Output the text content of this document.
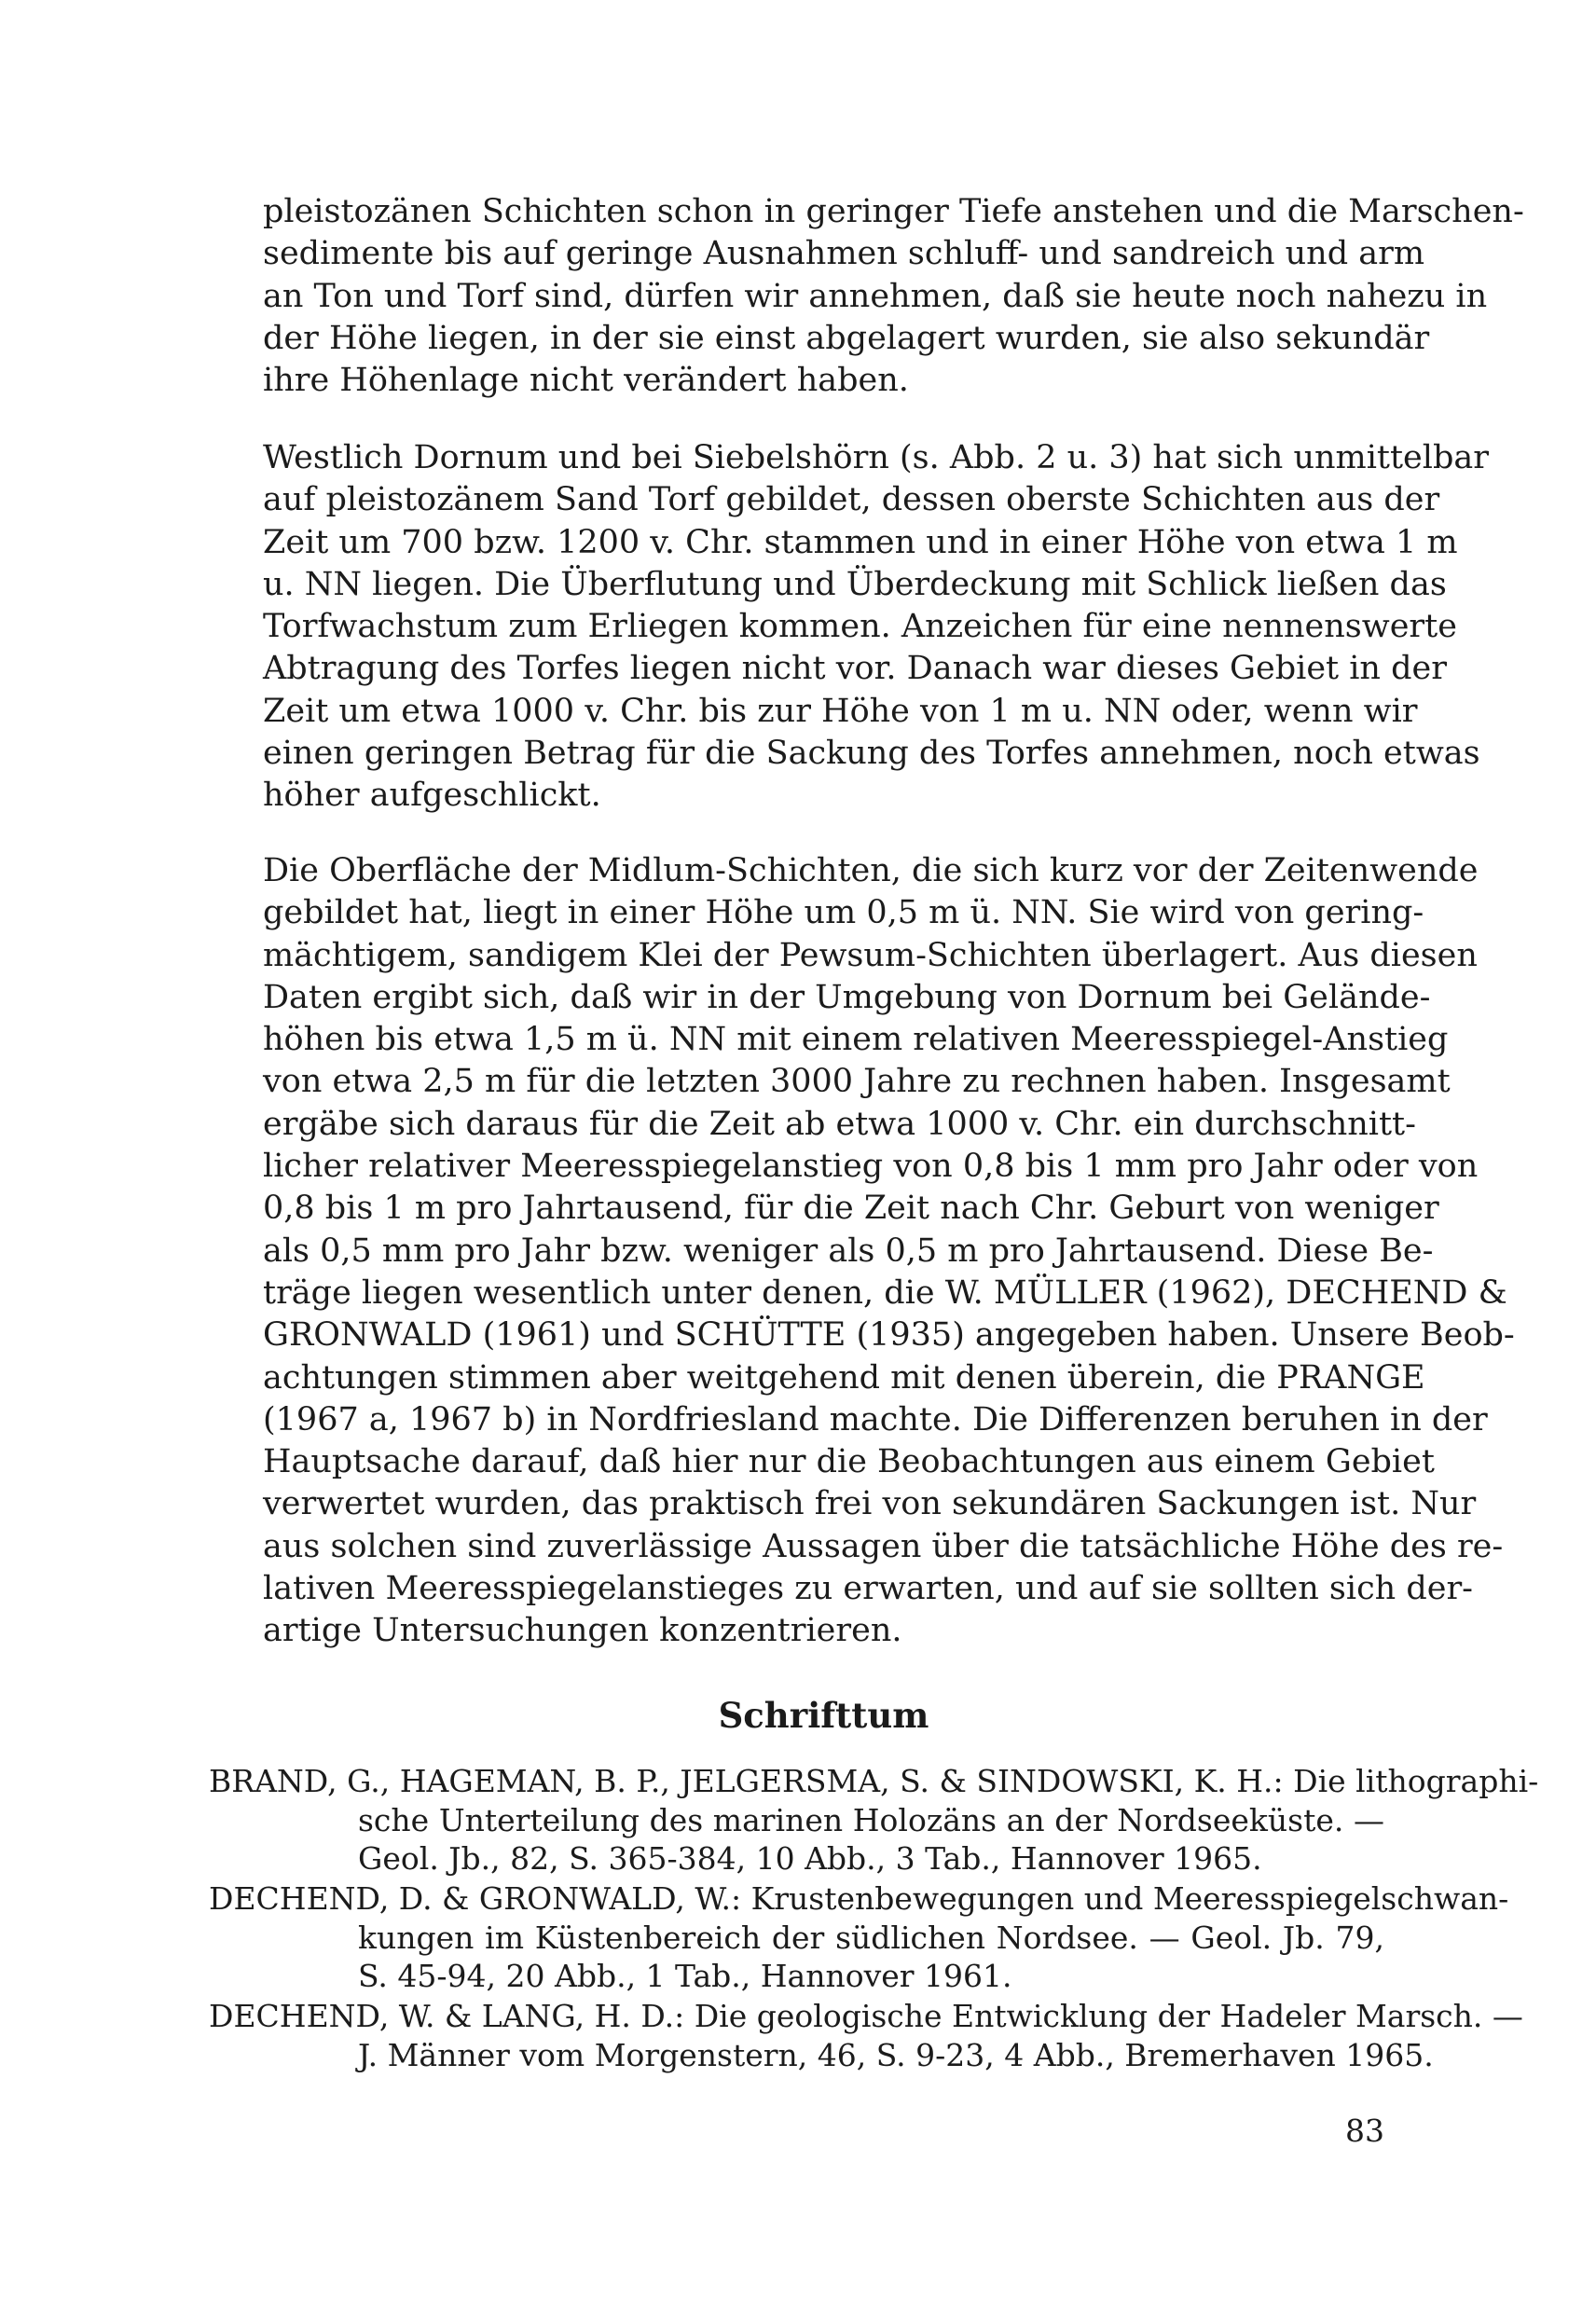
pleistozänen Schichten schon in geringer Tiefe anstehen und die Marschen-
sedimente bis auf geringe Ausnahmen schluff- und sandreich und arm
an Ton und Torf sind, dürfen wir annehmen, daß sie heute noch nahezu in
der Höhe liegen, in der sie einst abgelagert wurden, sie also sekundär
ihre Höhenlage nicht verändert haben.

Westlich Dornum und bei Siebelshörn (s. Abb. 2 u. 3) hat sich unmittelbar
auf pleistozänem Sand Torf gebildet, dessen oberste Schichten aus der
Zeit um 700 bzw. 1200 v. Chr. stammen und in einer Höhe von etwa 1 m
u. NN liegen. Die Überflutung und Überdeckung mit Schlick ließen das
Torfwachstum zum Erliegen kommen. Anzeichen für eine nennenswerte
Abtragung des Torfes liegen nicht vor. Danach war dieses Gebiet in der
Zeit um etwa 1000 v. Chr. bis zur Höhe von 1 m u. NN oder, wenn wir
einen geringen Betrag für die Sackung des Torfes annehmen, noch etwas
höher aufgeschlickt.

Die Oberfläche der Midlum-Schichten, die sich kurz vor der Zeitenwende
gebildet hat, liegt in einer Höhe um 0,5 m ü. NN. Sie wird von gering-
mächtigem, sandigem Klei der Pewsum-Schichten überlagert. Aus diesen
Daten ergibt sich, daß wir in der Umgebung von Dornum bei Gelände-
höhen bis etwa 1,5 m ü. NN mit einem relativen Meeresspiegel-Anstieg
von etwa 2,5 m für die letzten 3000 Jahre zu rechnen haben. Insgesamt
ergäbe sich daraus für die Zeit ab etwa 1000 v. Chr. ein durchschnitt-
licher relativer Meeresspiegelanstieg von 0,8 bis 1 mm pro Jahr oder von
0,8 bis 1 m pro Jahrtausend, für die Zeit nach Chr. Geburt von weniger
als 0,5 mm pro Jahr bzw. weniger als 0,5 m pro Jahrtausend. Diese Be-
träge liegen wesentlich unter denen, die W. MÜLLER (1962), DECHEND &
GRONWALD (1961) und SCHÜTTE (1935) angegeben haben. Unsere Beob-
achtungen stimmen aber weitgehend mit denen überein, die PRANGE
(1967 a, 1967 b) in Nordfriesland machte. Die Differenzen beruhen in der
Hauptsache darauf, daß hier nur die Beobachtungen aus einem Gebiet
verwertet wurden, das praktisch frei von sekundären Sackungen ist. Nur
aus solchen sind zuverlässige Aussagen über die tatsächliche Höhe des re-
lativen Meeresspiegelanstieges zu erwarten, und auf sie sollten sich der-
artige Untersuchungen konzentrieren.

Schrifttum

BRAND, G., HAGEMAN, B. P., JELGERSMA, S. & SINDOWSKI, K. H.: Die lithographi-
sche Unterteilung des marinen Holozäns an der Nordseeküste. —
Geol. Jb., 82, S. 365-384, 10 Abb., 3 Tab., Hannover 1965.

DECHEND, D. & GRONWALD, W.: Krustenbewegungen und Meeresspiegelschwan-
kungen im Küstenbereich der südlichen Nordsee. — Geol. Jb. 79,
S. 45-94, 20 Abb., 1 Tab., Hannover 1961.

DECHEND, W. & LANG, H. D.: Die geologische Entwicklung der Hadeler Marsch. —
J. Männer vom Morgenstern, 46, S. 9-23, 4 Abb., Bremerhaven 1965.

83
